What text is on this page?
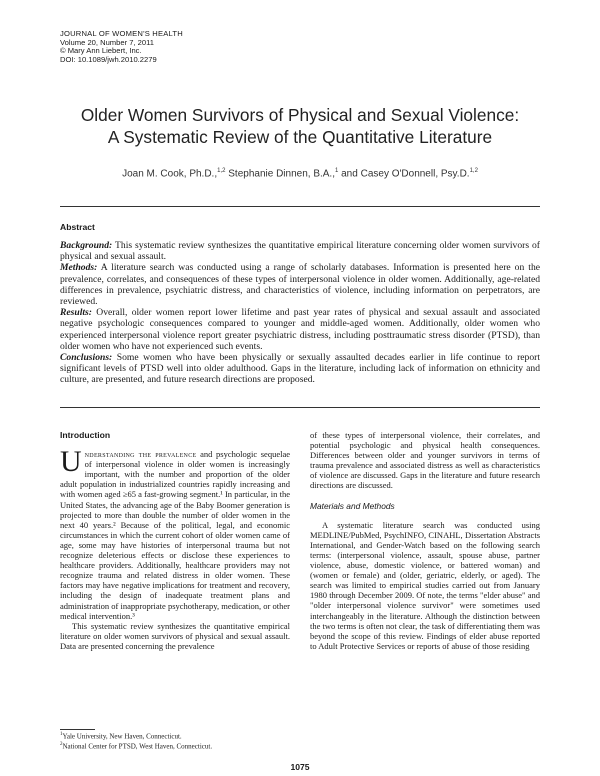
JOURNAL OF WOMEN'S HEALTH
Volume 20, Number 7, 2011
© Mary Ann Liebert, Inc.
DOI: 10.1089/jwh.2010.2279
Older Women Survivors of Physical and Sexual Violence:
A Systematic Review of the Quantitative Literature
Joan M. Cook, Ph.D.,$^{1,2}$ Stephanie Dinnen, B.A.,$^1$ and Casey O'Donnell, Psy.D.$^{1,2}$
Abstract

Background: This systematic review synthesizes the quantitative empirical literature concerning older women survivors of physical and sexual assault.

Methods: A literature search was conducted using a range of scholarly databases. Information is presented here on the prevalence, correlates, and consequences of these types of interpersonal violence in older women. Additionally, age-related differences in prevalence, psychiatric distress, and characteristics of violence, including information on perpetrators, are reviewed.

Results: Overall, older women report lower lifetime and past year rates of physical and sexual assault and associated negative psychologic consequences compared to younger and middle-aged women. Additionally, older women who experienced interpersonal violence report greater psychiatric distress, including posttraumatic stress disorder (PTSD), than older women who have not experienced such events.

Conclusions: Some women who have been physically or sexually assaulted decades earlier in life continue to report significant levels of PTSD well into older adulthood. Gaps in the literature, including lack of information on ethnicity and culture, are presented, and future research directions are proposed.

Introduction

Understanding the prevalence and psychologic sequelae of interpersonal violence in older women is increasingly important, with the number and proportion of the older adult population in industrialized countries rapidly increasing and with women aged ≥65 a fast-growing segment.¹ In particular, in the United States, the advancing age of the Baby Boomer generation is projected to more than double the number of older women in the next 40 years.² Because of the political, legal, and economic circumstances in which the current cohort of older women came of age, some may have histories of interpersonal trauma but not recognize deleterious effects or disclose these experiences to healthcare providers. Additionally, healthcare providers may not recognize trauma and related distress in older women. These factors may have negative implications for treatment and recovery, including the design of inadequate treatment plans and administration of inappropriate psychotherapy, medication, or other medical intervention.³

This systematic review synthesizes the quantitative empirical literature on older women survivors of physical and sexual assault. Data are presented concerning the prevalence

of these types of interpersonal violence, their correlates, and potential psychologic and physical health consequences. Differences between older and younger survivors in terms of trauma prevalence and associated distress as well as characteristics of violence are discussed. Gaps in the literature and future research directions are discussed.

Materials and Methods

A systematic literature search was conducted using MEDLINE/PubMed, PsychINFO, CINAHL, Dissertation Abstracts International, and Gender-Watch based on the following search terms: (interpersonal violence, assault, spouse abuse, partner violence, abuse, domestic violence, or battered woman) and (women or female) and (older, geriatric, elderly, or aged). The search was limited to empirical studies carried out from January 1980 through December 2009. Of note, the terms "elder abuse" and "older interpersonal violence survivor" were sometimes used interchangeably in the literature. Although the distinction between the two terms is often not clear, the task of differentiating them was beyond the scope of this review. Findings of elder abuse reported to Adult Protective Services or reports of abuse of those residing

$^1$Yale University, New Haven, Connecticut.
$^2$National Center for PTSD, West Haven, Connecticut.
1075
